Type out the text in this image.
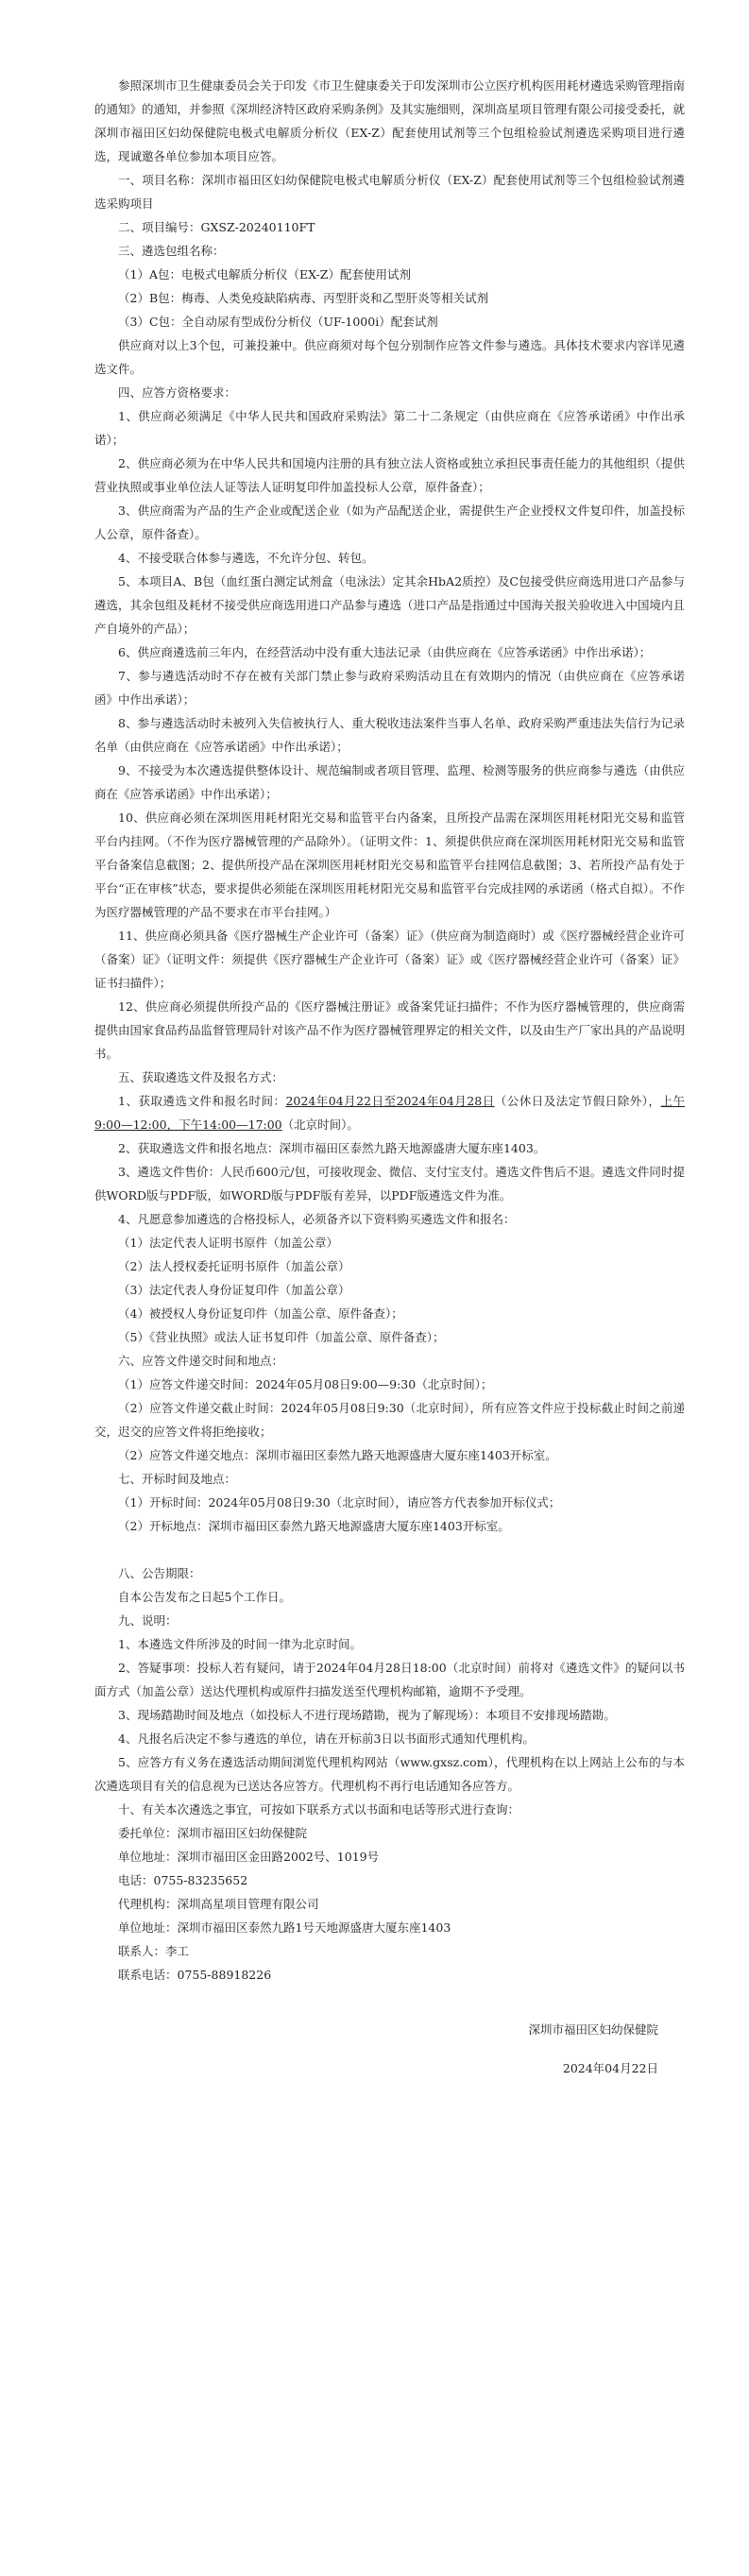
参照深圳市卫生健康委员会关于印发《市卫生健康委关于印发深圳市公立医疗机构医用耗材遴选采购管理指南的通知》的通知，并参照《深圳经济特区政府采购条例》及其实施细则，深圳高星项目管理有限公司接受委托，就深圳市福田区妇幼保健院电极式电解质分析仪（EX-Z）配套使用试剂等三个包组检验试剂遴选采购项目进行遴选，现诚邀各单位参加本项目应答。

一、项目名称：深圳市福田区妇幼保健院电极式电解质分析仪（EX-Z）配套使用试剂等三个包组检验试剂遴选采购项目

二、项目编号：GXSZ-20240110FT

三、遴选包组名称：

（1）A包：电极式电解质分析仪（EX-Z）配套使用试剂

（2）B包：梅毒、人类免疫缺陷病毒、丙型肝炎和乙型肝炎等相关试剂

（3）C包：全自动尿有型成份分析仪（UF-1000i）配套试剂

供应商对以上3个包，可兼投兼中。供应商须对每个包分别制作应答文件参与遴选。具体技术要求内容详见遴选文件。

四、应答方资格要求：

1、供应商必须满足《中华人民共和国政府采购法》第二十二条规定（由供应商在《应答承诺函》中作出承诺）；

2、供应商必须为在中华人民共和国境内注册的具有独立法人资格或独立承担民事责任能力的其他组织（提供营业执照或事业单位法人证等法人证明复印件加盖投标人公章，原件备查）；

3、供应商需为产品的生产企业或配送企业（如为产品配送企业，需提供生产企业授权文件复印件，加盖投标人公章，原件备查）。

4、不接受联合体参与遴选，不允许分包、转包。

5、本项目A、B包（血红蛋白测定试剂盒（电泳法）定其余HbA2质控）及C包接受供应商选用进口产品参与遴选，其余包组及耗材不接受供应商选用进口产品参与遴选（进口产品是指通过中国海关报关验收进入中国境内且产自境外的产品）；

6、供应商遴选前三年内，在经营活动中没有重大违法记录（由供应商在《应答承诺函》中作出承诺）；

7、参与遴选活动时不存在被有关部门禁止参与政府采购活动且在有效期内的情况（由供应商在《应答承诺函》中作出承诺）；

8、参与遴选活动时未被列入失信被执行人、重大税收违法案件当事人名单、政府采购严重违法失信行为记录名单（由供应商在《应答承诺函》中作出承诺）；

9、不接受为本次遴选提供整体设计、规范编制或者项目管理、监理、检测等服务的供应商参与遴选（由供应商在《应答承诺函》中作出承诺）；

10、供应商必须在深圳医用耗材阳光交易和监管平台内备案，且所投产品需在深圳医用耗材阳光交易和监管平台内挂网。（不作为医疗器械管理的产品除外）。（证明文件：1、须提供供应商在深圳医用耗材阳光交易和监管平台备案信息截图；2、提供所投产品在深圳医用耗材阳光交易和监管平台挂网信息截图；3、若所投产品有处于平台“正在审核”状态，要求提供必须能在深圳医用耗材阳光交易和监管平台完成挂网的承诺函（格式自拟）。不作为医疗器械管理的产品不要求在市平台挂网。）

11、供应商必须具备《医疗器械生产企业许可（备案）证》（供应商为制造商时）或《医疗器械经营企业许可（备案）证》（证明文件：须提供《医疗器械生产企业许可（备案）证》或《医疗器械经营企业许可（备案）证》证书扫描件）；

12、供应商必须提供所投产品的《医疗器械注册证》或备案凭证扫描件；不作为医疗器械管理的，供应商需提供由国家食品药品监督管理局针对该产品不作为医疗器械管理界定的相关文件，以及由生产厂家出具的产品说明书。

五、获取遴选文件及报名方式：

1、获取遴选文件和报名时间：2024年04月22日至2024年04月28日（公休日及法定节假日除外），上午9:00—12:00，下午14:00—17:00（北京时间）。

2、获取遴选文件和报名地点：深圳市福田区泰然九路天地源盛唐大厦东座1403。

3、遴选文件售价：人民币600元/包，可接收现金、微信、支付宝支付。遴选文件售后不退。遴选文件同时提供WORD版与PDF版，如WORD版与PDF版有差异，以PDF版遴选文件为准。

4、凡愿意参加遴选的合格投标人，必须备齐以下资料购买遴选文件和报名：

（1）法定代表人证明书原件（加盖公章）

（2）法人授权委托证明书原件（加盖公章）

（3）法定代表人身份证复印件（加盖公章）

（4）被授权人身份证复印件（加盖公章、原件备查）；

（5）《营业执照》或法人证书复印件（加盖公章、原件备查）；

六、应答文件递交时间和地点：

（1）应答文件递交时间：2024年05月08日9:00—9:30（北京时间）；

（2）应答文件递交截止时间：2024年05月08日9:30（北京时间），所有应答文件应于投标截止时间之前递交，迟交的应答文件将拒绝接收；

（2）应答文件递交地点：深圳市福田区泰然九路天地源盛唐大厦东座1403开标室。

七、开标时间及地点：

（1）开标时间：2024年05月08日9:30（北京时间），请应答方代表参加开标仪式；

（2）开标地点：深圳市福田区泰然九路天地源盛唐大厦东座1403开标室。

八、公告期限：

自本公告发布之日起5个工作日。

九、说明：

1、本遴选文件所涉及的时间一律为北京时间。

2、答疑事项：投标人若有疑问，请于2024年04月28日18:00（北京时间）前将对《遴选文件》的疑问以书面方式（加盖公章）送达代理机构或原件扫描发送至代理机构邮箱，逾期不予受理。

3、现场踏勘时间及地点（如投标人不进行现场踏勘，视为了解现场）：本项目不安排现场踏勘。

4、凡报名后决定不参与遴选的单位，请在开标前3日以书面形式通知代理机构。

5、应答方有义务在遴选活动期间浏览代理机构网站（www.gxsz.com），代理机构在以上网站上公布的与本次遴选项目有关的信息视为已送达各应答方。代理机构不再行电话通知各应答方。

十、有关本次遴选之事宜，可按如下联系方式以书面和电话等形式进行查询：

委托单位：深圳市福田区妇幼保健院

单位地址：深圳市福田区金田路2002号、1019号

电话：0755-83235652

代理机构：深圳高星项目管理有限公司

单位地址：深圳市福田区泰然九路1号天地源盛唐大厦东座1403

联系人：李工

联系电话：0755-88918226

深圳市福田区妇幼保健院

2024年04月22日
